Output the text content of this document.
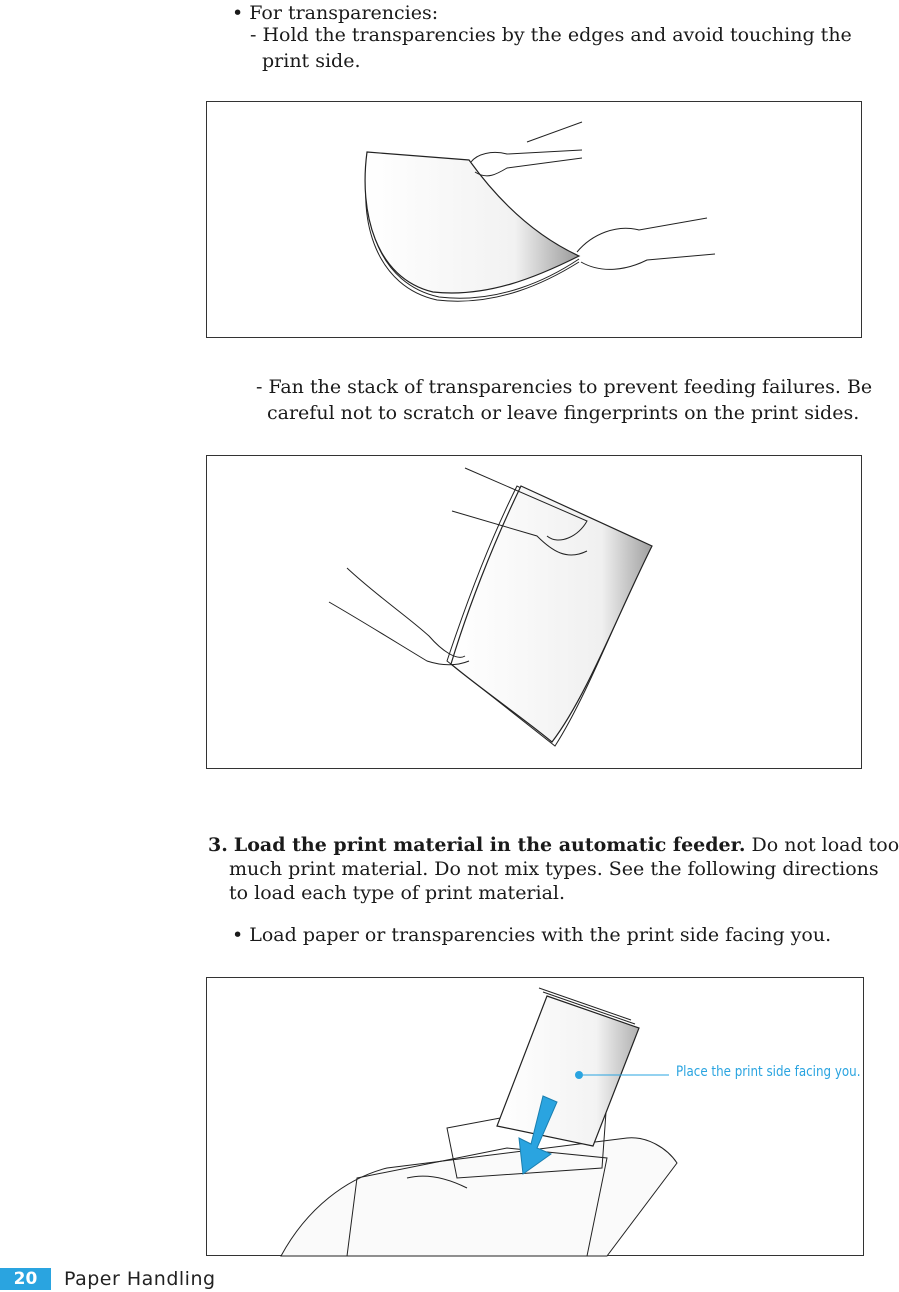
• For transparencies:
- Hold the transparencies by the edges and avoid touching the
print side.
- Fan the stack of transparencies to prevent feeding failures. Be
careful not to scratch or leave fingerprints on the print sides.
3. Load the print material in the automatic feeder. Do not load too
much print material. Do not mix types. See the following directions
to load each type of print material.
• Load paper or transparencies with the print side facing you.
Place the print side facing you.
20	Paper Handling
